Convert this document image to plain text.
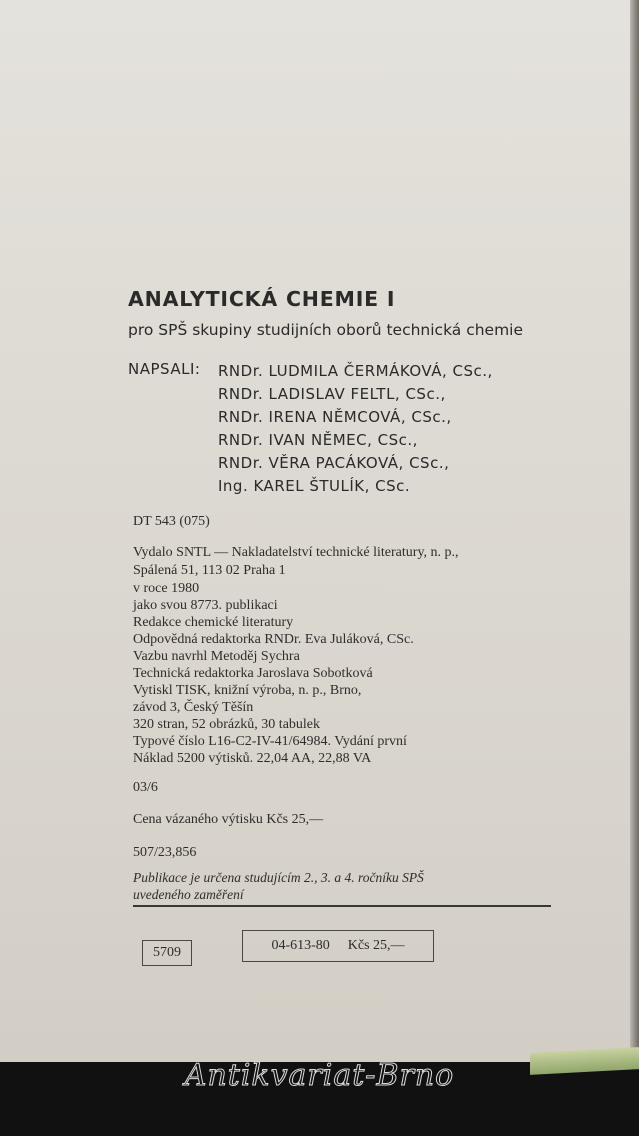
ANALYTICKÁ CHEMIE I
pro SPŠ skupiny studijních oborů technická chemie
NAPSALI: RNDr. LUDMILA ČERMÁKOVÁ, CSc.,
RNDr. LADISLAV FELTL, CSc.,
RNDr. IRENA NĚMCOVÁ, CSc.,
RNDr. IVAN NĚMEC, CSc.,
RNDr. VĚRA PACÁKOVÁ, CSc.,
Ing. KAREL ŠTULÍK, CSc.
DT 543 (075)
Vydalo SNTL — Nakladatelství technické literatury, n. p.,
Spálená 51, 113 02 Praha 1
v roce 1980
jako svou 8773. publikaci
Redakce chemické literatury
Odpovědná redaktorka RNDr. Eva Juláková, CSc.
Vazbu navrhl Metoděj Sychra
Technická redaktorka Jaroslava Sobotková
Vytiskl TISK, knižní výroba, n. p., Brno,
závod 3, Český Těšín
320 stran, 52 obrázků, 30 tabulek
Typové číslo L16-C2-IV-41/64984. Vydání první
Náklad 5200 výtisků. 22,04 AA, 22,88 VA
03/6
Cena vázaného výtisku Kčs 25,—
507/23,856
Publikace je určena studujícím 2., 3. a 4. ročníku SPŠ
uvedeného zaměření
5709	04-613-80 Kčs 25,—
Antikvariat-Brno
